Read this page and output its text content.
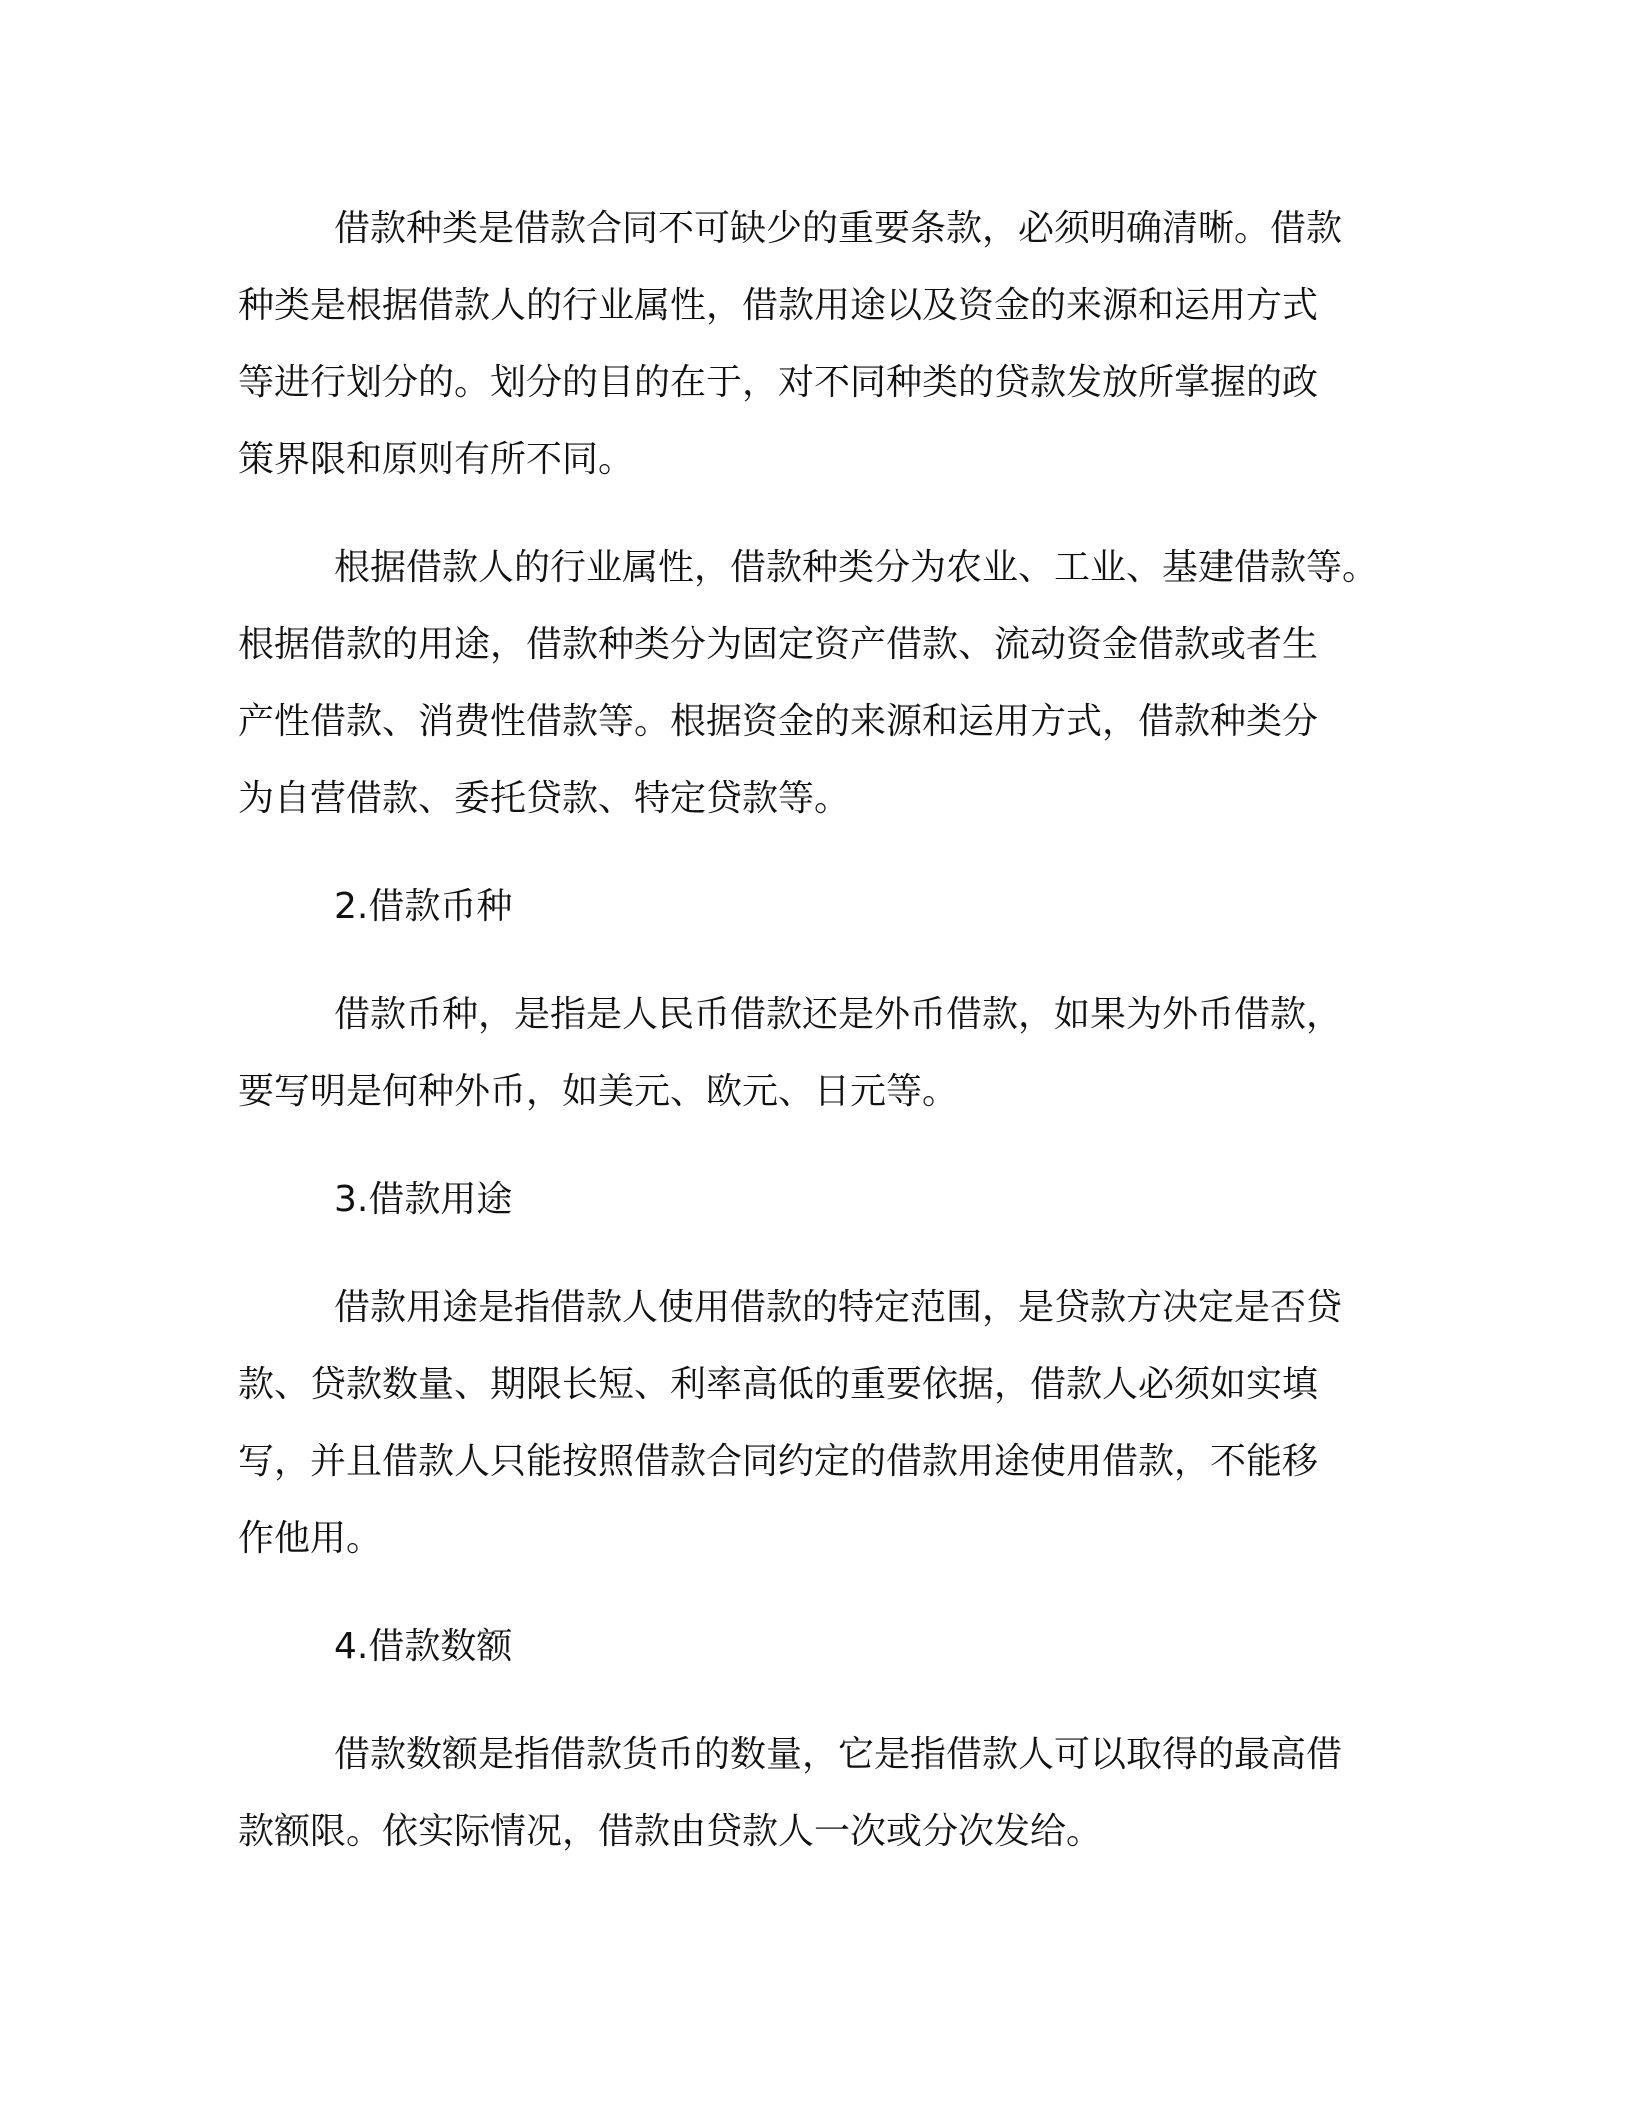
借款种类是借款合同不可缺少的重要条款，必须明确清晰。借款
种类是根据借款人的行业属性，借款用途以及资金的来源和运用方式
等进行划分的。划分的目的在于，对不同种类的贷款发放所掌握的政
策界限和原则有所不同。
根据借款人的行业属性，借款种类分为农业、工业、基建借款等。
根据借款的用途，借款种类分为固定资产借款、流动资金借款或者生
产性借款、消费性借款等。根据资金的来源和运用方式，借款种类分
为自营借款、委托贷款、特定贷款等。
2.借款币种
借款币种，是指是人民币借款还是外币借款，如果为外币借款，
要写明是何种外币，如美元、欧元、日元等。
3.借款用途
借款用途是指借款人使用借款的特定范围，是贷款方决定是否贷
款、贷款数量、期限长短、利率高低的重要依据，借款人必须如实填
写，并且借款人只能按照借款合同约定的借款用途使用借款，不能移
作他用。
4.借款数额
借款数额是指借款货币的数量，它是指借款人可以取得的最高借
款额限。依实际情况，借款由贷款人一次或分次发给。
